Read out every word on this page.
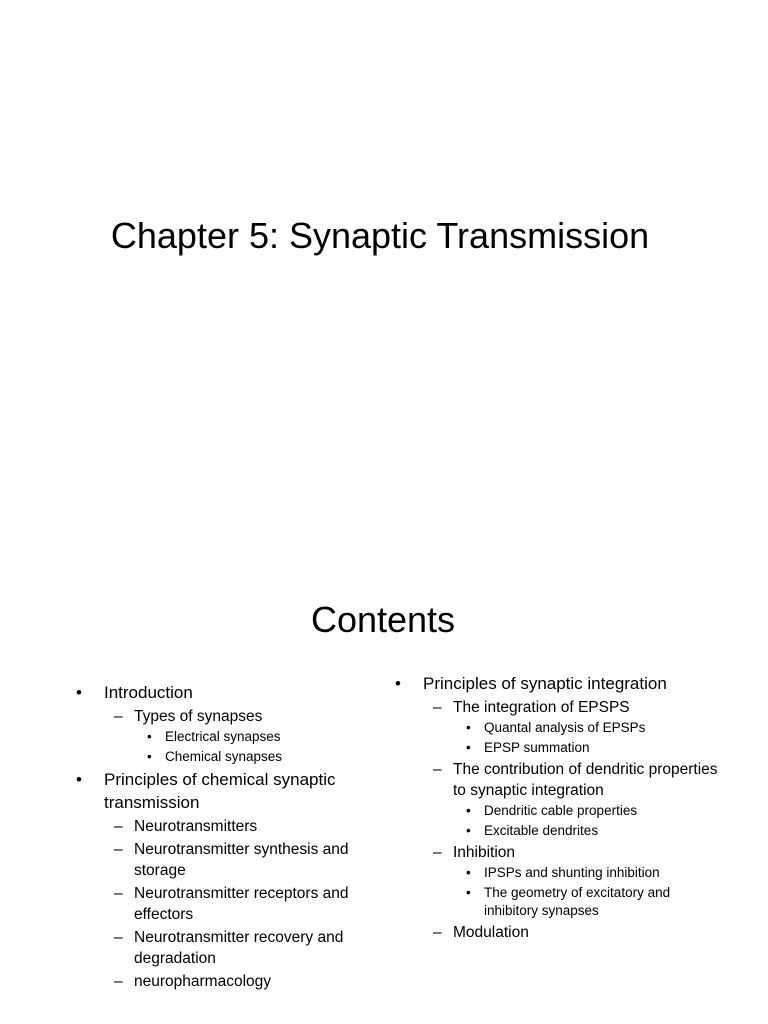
Chapter 5: Synaptic Transmission
Contents
• Introduction
– Types of synapses
• Electrical synapses
• Chemical synapses
• Principles of chemical synaptic transmission
– Neurotransmitters
– Neurotransmitter synthesis and storage
– Neurotransmitter receptors and effectors
– Neurotransmitter recovery and degradation
– neuropharmacology
• Principles of synaptic integration
– The integration of EPSPS
• Quantal analysis of EPSPs
• EPSP summation
– The contribution of dendritic properties to synaptic integration
• Dendritic cable properties
• Excitable dendrites
– Inhibition
• IPSPs and shunting inhibition
• The geometry of excitatory and inhibitory synapses
– Modulation
